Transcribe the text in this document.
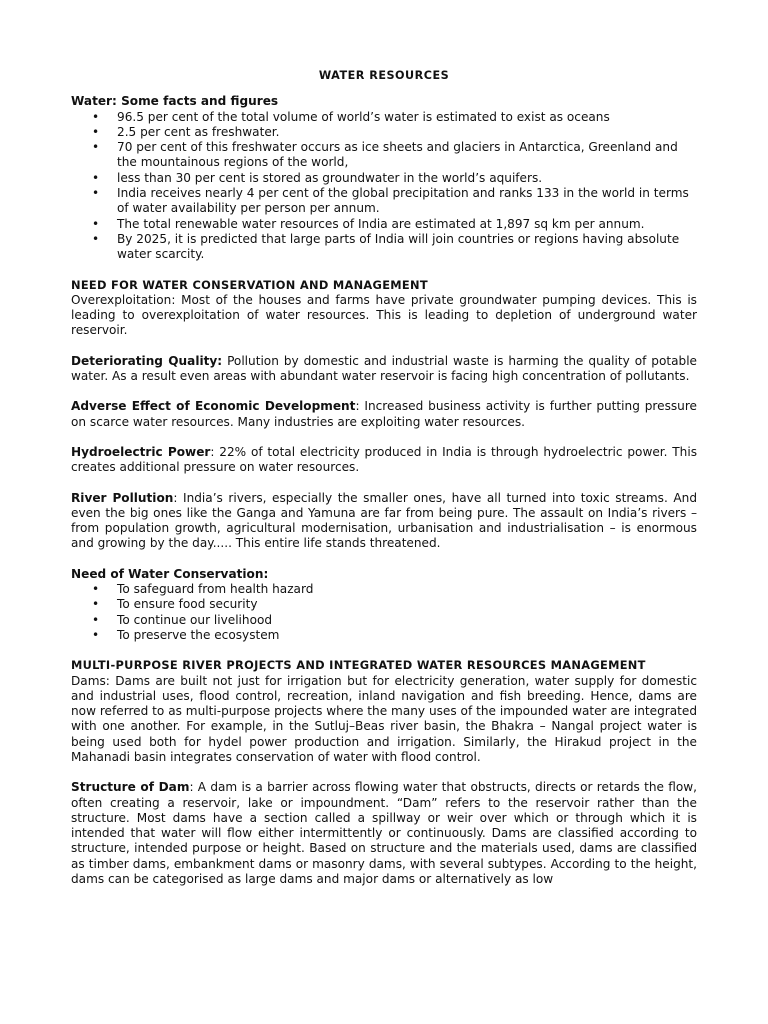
WATER RESOURCES
Water: Some facts and figures
• 96.5 per cent of the total volume of world’s water is estimated to exist as oceans
• 2.5 per cent as freshwater.
• 70 per cent of this freshwater occurs as ice sheets and glaciers in Antarctica, Greenland and the mountainous regions of the world,
• less than 30 per cent is stored as groundwater in the world’s aquifers.
• India receives nearly 4 per cent of the global precipitation and ranks 133 in the world in terms of water availability per person per annum.
• The total renewable water resources of India are estimated at 1,897 sq km per annum.
• By 2025, it is predicted that large parts of India will join countries or regions having absolute water scarcity.
NEED FOR WATER CONSERVATION AND MANAGEMENT

Overexploitation: Most of the houses and farms have private groundwater pumping devices. This is leading to overexploitation of water resources. This is leading to depletion of underground water reservoir.

Deteriorating Quality: Pollution by domestic and industrial waste is harming the quality of potable water. As a result even areas with abundant water reservoir is facing high concentration of pollutants.

Adverse Effect of Economic Development: Increased business activity is further putting pressure on scarce water resources. Many industries are exploiting water resources.

Hydroelectric Power: 22% of total electricity produced in India is through hydroelectric power. This creates additional pressure on water resources.

River Pollution: India’s rivers, especially the smaller ones, have all turned into toxic streams. And even the big ones like the Ganga and Yamuna are far from being pure. The assault on India’s rivers – from population growth, agricultural modernisation, urbanisation and industrialisation – is enormous and growing by the day..... This entire life stands threatened.

Need of Water Conservation:
• To safeguard from health hazard
• To ensure food security
• To continue our livelihood
• To preserve the ecosystem
MULTI-PURPOSE RIVER PROJECTS AND INTEGRATED WATER RESOURCES MANAGEMENT

Dams: Dams are built not just for irrigation but for electricity generation, water supply for domestic and industrial uses, flood control, recreation, inland navigation and fish breeding. Hence, dams are now referred to as multi-purpose projects where the many uses of the impounded water are integrated with one another. For example, in the Sutluj–Beas river basin, the Bhakra – Nangal project water is being used both for hydel power production and irrigation. Similarly, the Hirakud project in the Mahanadi basin integrates conservation of water with flood control.

Structure of Dam: A dam is a barrier across flowing water that obstructs, directs or retards the flow, often creating a reservoir, lake or impoundment. “Dam” refers to the reservoir rather than the structure. Most dams have a section called a spillway or weir over which or through which it is intended that water will flow either intermittently or continuously. Dams are classified according to structure, intended purpose or height. Based on structure and the materials used, dams are classified as timber dams, embankment dams or masonry dams, with several subtypes. According to the height, dams can be categorised as large dams and major dams or alternatively as low
